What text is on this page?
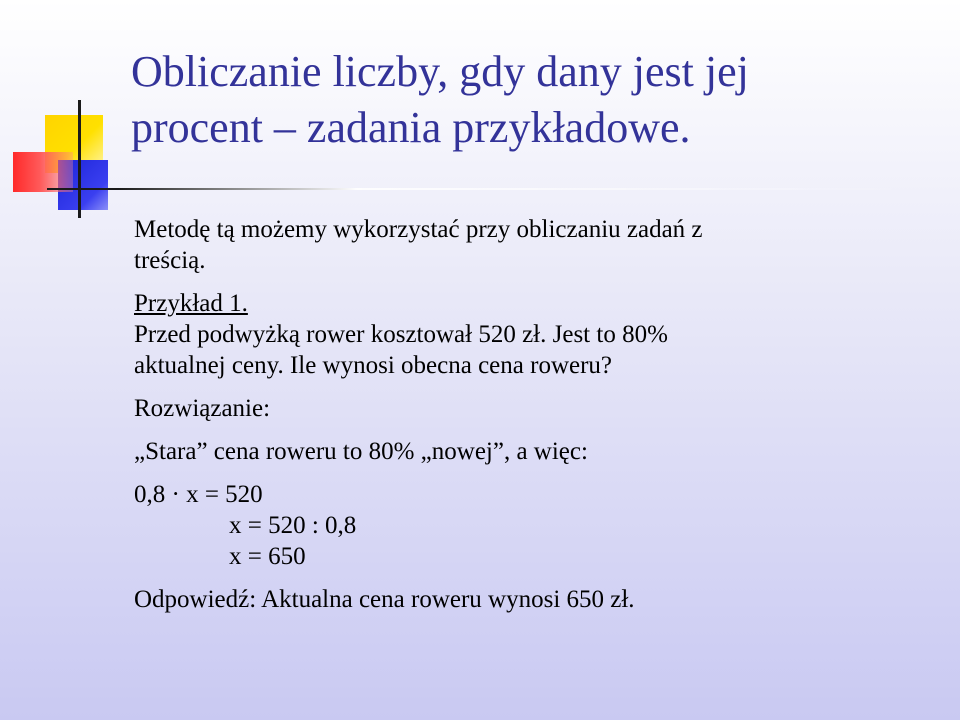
Obliczanie liczby, gdy dany jest jej
procent – zadania przykładowe.

Metodę tą możemy wykorzystać przy obliczaniu zadań z
treścią.

Przykład 1.
Przed podwyżką rower kosztował 520 zł. Jest to 80%
aktualnej ceny. Ile wynosi obecna cena roweru?

Rozwiązanie:

„Stara” cena roweru to 80% „nowej”, a więc:

0,8 · x = 520
x = 520 : 0,8
x = 650

Odpowiedź: Aktualna cena roweru wynosi 650 zł.
